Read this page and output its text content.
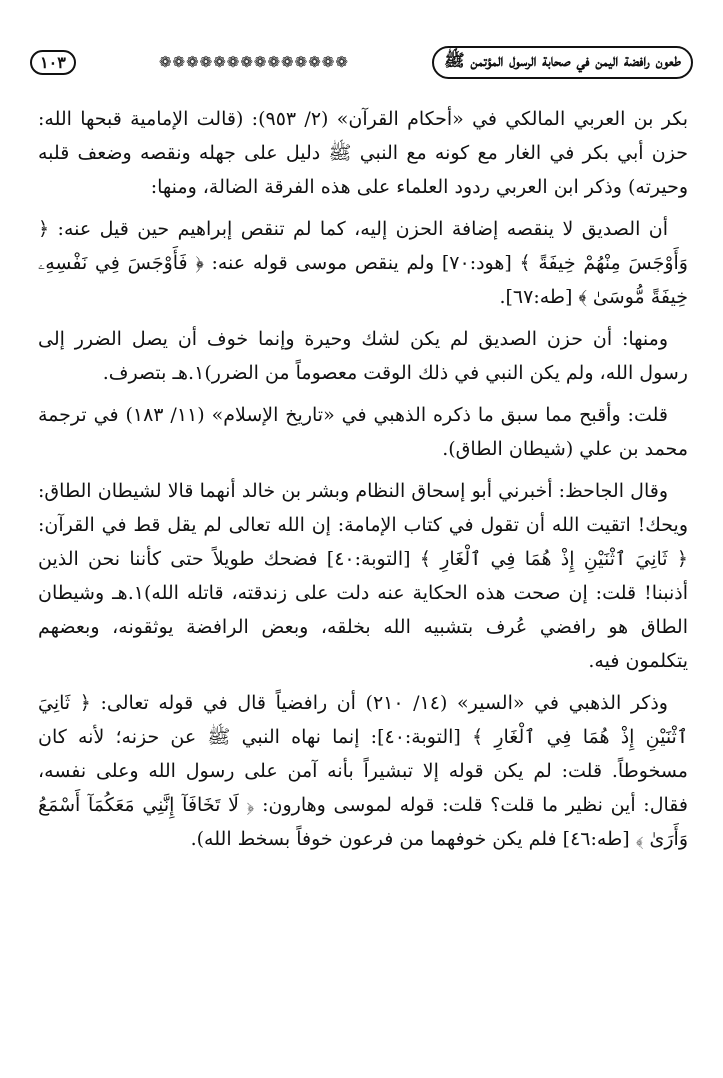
طعون رافضة اليمن في صحابة الرسول المؤتمن ﷺ
❁❁❁❁❁❁❁❁❁❁❁❁❁❁
١٠٣

بكر بن العربي المالكي في «أحكام القرآن» (٢/ ٩٥٣): (قالت الإمامية قبحها الله: حزن أبي بكر في الغار مع كونه مع النبي ﷺ دليل على جهله ونقصه وضعف قلبه وحيرته) وذكر ابن العربي ردود العلماء على هذه الفرقة الضالة، ومنها:

أن الصديق لا ينقصه إضافة الحزن إليه، كما لم تنقص إبراهيم حين قيل عنه: ﴿ وَأَوْجَسَ مِنْهُمْ خِيفَةً ﴾ [هود:٧٠] ولم ينقص موسى قوله عنه: ﴿ فَأَوْجَسَ فِي نَفْسِهِۦ خِيفَةً مُّوسَىٰ ﴾ [طه:٦٧].

ومنها: أن حزن الصديق لم يكن لشك وحيرة وإنما خوف أن يصل الضرر إلى رسول الله، ولم يكن النبي في ذلك الوقت معصوماً من الضرر)١.هـ بتصرف.

قلت: وأقبح مما سبق ما ذكره الذهبي في «تاريخ الإسلام» (١١/ ١٨٣) في ترجمة محمد بن علي (شيطان الطاق).

وقال الجاحظ: أخبرني أبو إسحاق النظام وبشر بن خالد أنهما قالا لشيطان الطاق: ويحك! اتقيت الله أن تقول في كتاب الإمامة: إن الله تعالى لم يقل قط في القرآن: ﴿ ثَانِيَ ٱثْنَيْنِ إِذْ هُمَا فِي ٱلْغَارِ ﴾ [التوبة:٤٠] فضحك طويلاً حتى كأننا نحن الذين أذنبنا! قلت: إن صحت هذه الحكاية عنه دلت على زندقته، قاتله الله)١.هـ وشيطان الطاق هو رافضي عُرف بتشبيه الله بخلقه، وبعض الرافضة يوثقونه، وبعضهم يتكلمون فيه.

وذكر الذهبي في «السير» (١٤/ ٢١٠) أن رافضياً قال في قوله تعالى: ﴿ ثَانِيَ ٱثْنَيْنِ إِذْ هُمَا فِي ٱلْغَارِ ﴾ [التوبة:٤٠]: إنما نهاه النبي ﷺ عن حزنه؛ لأنه كان مسخوطاً. قلت: لم يكن قوله إلا تبشيراً بأنه آمن على رسول الله وعلى نفسه، فقال: أين نظير ما قلت؟ قلت: قوله لموسى وهارون: ﴿ لَا تَخَافَآ إِنَّنِي مَعَكُمَآ أَسْمَعُ وَأَرَىٰ ﴾ [طه:٤٦] فلم يكن خوفهما من فرعون خوفاً بسخط الله).
